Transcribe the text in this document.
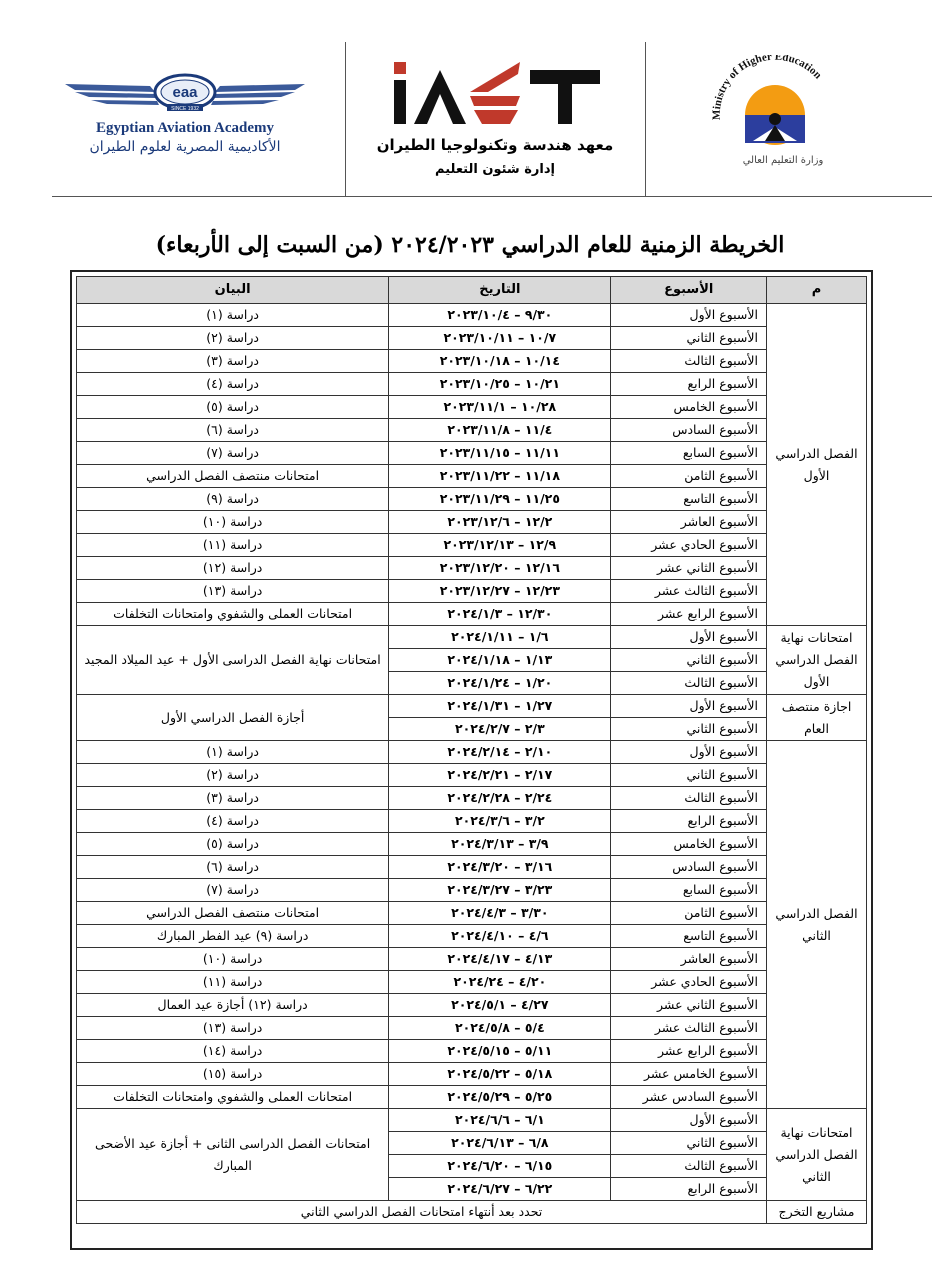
eaa
SINCE 1932
Egyptian Aviation Academy
الأكاديمية المصرية لعلوم الطيران
IAET
معهد هندسة وتكنولوجيا الطيران
إدارة شئون التعليم
Ministry of Higher Education
وزارة التعليم العالي
الخريطة الزمنية للعام الدراسي ٢٠٢٤/٢٠٢٣ (من السبت إلى الأربعاء)
م	الأسبوع	التاريخ	البيان
الفصل الدراسي الأول	الأسبوع الأول	٩/٣٠ – ٢٠٢٣/١٠/٤	دراسة (١)
	الأسبوع الثاني	١٠/٧ – ٢٠٢٣/١٠/١١	دراسة (٢)
	الأسبوع الثالث	١٠/١٤ – ٢٠٢٣/١٠/١٨	دراسة (٣)
	الأسبوع الرابع	١٠/٢١ – ٢٠٢٣/١٠/٢٥	دراسة (٤)
	الأسبوع الخامس	١٠/٢٨ – ٢٠٢٣/١١/١	دراسة (٥)
	الأسبوع السادس	١١/٤ – ٢٠٢٣/١١/٨	دراسة (٦)
	الأسبوع السابع	١١/١١ – ٢٠٢٣/١١/١٥	دراسة (٧)
	الأسبوع الثامن	١١/١٨ – ٢٠٢٣/١١/٢٢	امتحانات منتصف الفصل الدراسي
	الأسبوع التاسع	١١/٢٥ – ٢٠٢٣/١١/٢٩	دراسة (٩)
	الأسبوع العاشر	١٢/٢ – ٢٠٢٣/١٢/٦	دراسة (١٠)
	الأسبوع الحادي عشر	١٢/٩ – ٢٠٢٣/١٢/١٣	دراسة (١١)
	الأسبوع الثاني عشر	١٢/١٦ – ٢٠٢٣/١٢/٢٠	دراسة (١٢)
	الأسبوع الثالث عشر	١٢/٢٣ – ٢٠٢٣/١٢/٢٧	دراسة (١٣)
	الأسبوع الرابع عشر	١٢/٣٠ – ٢٠٢٤/١/٣	امتحانات العملى والشفوي وامتحانات التخلفات
امتحانات نهاية الفصل الدراسي الأول	الأسبوع الأول	١/٦ – ٢٠٢٤/١/١١	امتحانات نهاية الفصل الدراسى الأول + عيد الميلاد المجيد
	الأسبوع الثاني	١/١٣ – ٢٠٢٤/١/١٨	
	الأسبوع الثالث	١/٢٠ – ٢٠٢٤/١/٢٤	
اجازة منتصف العام	الأسبوع الأول	١/٢٧ – ٢٠٢٤/١/٣١	أجازة الفصل الدراسي الأول
	الأسبوع الثاني	٢/٣ – ٢٠٢٤/٢/٧	
الفصل الدراسي الثاني	الأسبوع الأول	٢/١٠ – ٢٠٢٤/٢/١٤	دراسة (١)
	الأسبوع الثاني	٢/١٧ – ٢٠٢٤/٢/٢١	دراسة (٢)
	الأسبوع الثالث	٢/٢٤ – ٢٠٢٤/٢/٢٨	دراسة (٣)
	الأسبوع الرابع	٣/٢ – ٢٠٢٤/٣/٦	دراسة (٤)
	الأسبوع الخامس	٣/٩ – ٢٠٢٤/٣/١٣	دراسة (٥)
	الأسبوع السادس	٣/١٦ – ٢٠٢٤/٣/٢٠	دراسة (٦)
	الأسبوع السابع	٣/٢٣ – ٢٠٢٤/٣/٢٧	دراسة (٧)
	الأسبوع الثامن	٣/٣٠ – ٢٠٢٤/٤/٣	امتحانات منتصف الفصل الدراسي
	الأسبوع التاسع	٤/٦ – ٢٠٢٤/٤/١٠	دراسة (٩) عيد الفطر المبارك
	الأسبوع العاشر	٤/١٣ – ٢٠٢٤/٤/١٧	دراسة (١٠)
	الأسبوع الحادي عشر	٤/٢٠ – ٢٠٢٤/٢٤	دراسة (١١)
	الأسبوع الثاني عشر	٤/٢٧ – ٢٠٢٤/٥/١	دراسة (١٢) أجازة عيد العمال
	الأسبوع الثالث عشر	٥/٤ – ٢٠٢٤/٥/٨	دراسة (١٣)
	الأسبوع الرابع عشر	٥/١١ – ٢٠٢٤/٥/١٥	دراسة (١٤)
	الأسبوع الخامس عشر	٥/١٨ – ٢٠٢٤/٥/٢٢	دراسة (١٥)
	الأسبوع السادس عشر	٥/٢٥ – ٢٠٢٤/٥/٢٩	امتحانات العملى والشفوي وامتحانات التخلفات
امتحانات نهاية الفصل الدراسي الثاني	الأسبوع الأول	٦/١ – ٢٠٢٤/٦/٦	امتحانات الفصل الدراسى الثانى + أجازة عيد الأضحى المبارك
	الأسبوع الثاني	٦/٨ – ٢٠٢٤/٦/١٣	
	الأسبوع الثالث	٦/١٥ – ٢٠٢٤/٦/٢٠	
	الأسبوع الرابع	٦/٢٢ – ٢٠٢٤/٦/٢٧	
مشاريع التخرج	تحدد بعد أنتهاء امتحانات الفصل الدراسي الثاني		
